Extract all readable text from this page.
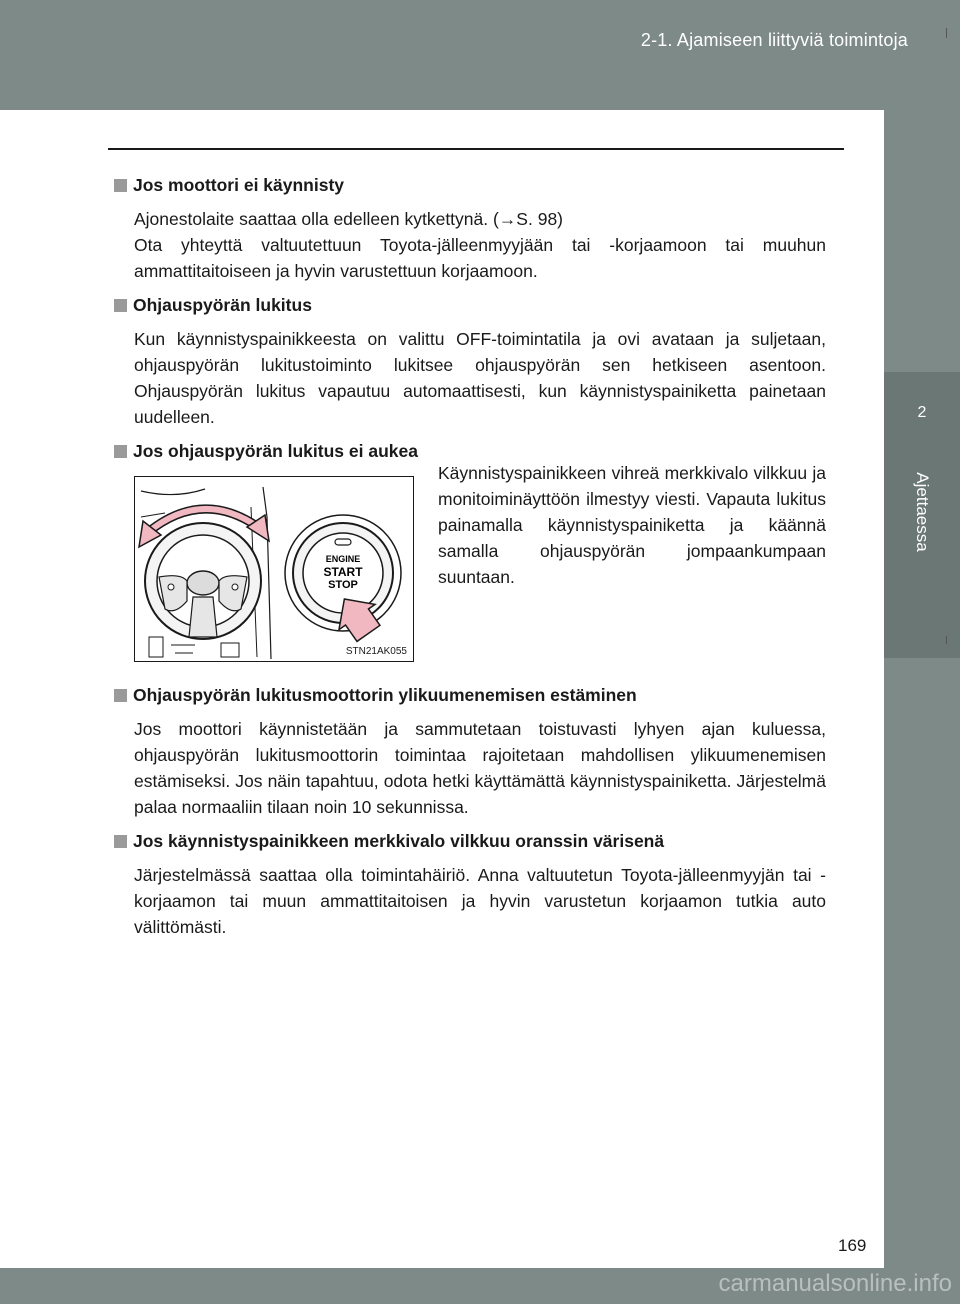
2-1. Ajamiseen liittyviä toimintoja
2
Ajettaessa
Jos moottori ei käynnisty

Ajonestolaite saattaa olla edelleen kytkettynä. (→S. 98)

Ota yhteyttä valtuutettuun Toyota-jälleenmyyjään tai -korjaamoon tai muuhun ammattitaitoiseen ja hyvin varustettuun korjaamoon.

Ohjauspyörän lukitus

Kun käynnistyspainikkeesta on valittu OFF-toimintatila ja ovi avataan ja suljetaan, ohjauspyörän lukitustoiminto lukitsee ohjauspyörän sen hetkiseen asentoon. Ohjauspyörän lukitus vapautuu automaattisesti, kun käynnistyspainiketta painetaan uudelleen.

Jos ohjauspyörän lukitus ei aukea
ENGINE
START
STOP
STN21AK055
Käynnistyspainikkeen vihreä merkkivalo vilkkuu ja monitoiminäyttöön ilmestyy viesti. Vapauta lukitus painamalla käynnistyspainiketta ja käännä samalla ohjauspyörän jompaankumpaan suuntaan.
Ohjauspyörän lukitusmoottorin ylikuumenemisen estäminen

Jos moottori käynnistetään ja sammutetaan toistuvasti lyhyen ajan kuluessa, ohjauspyörän lukitusmoottorin toimintaa rajoitetaan mahdollisen ylikuumenemisen estämiseksi. Jos näin tapahtuu, odota hetki käyttämättä käynnistyspainiketta. Järjestelmä palaa normaaliin tilaan noin 10 sekunnissa.

Jos käynnistyspainikkeen merkkivalo vilkkuu oranssin värisenä

Järjestelmässä saattaa olla toimintahäiriö. Anna valtuutetun Toyota-jälleenmyyjän tai -korjaamon tai muun ammattitaitoisen ja hyvin varustetun korjaamon tutkia auto välittömästi.

169
carmanualsonline.info
